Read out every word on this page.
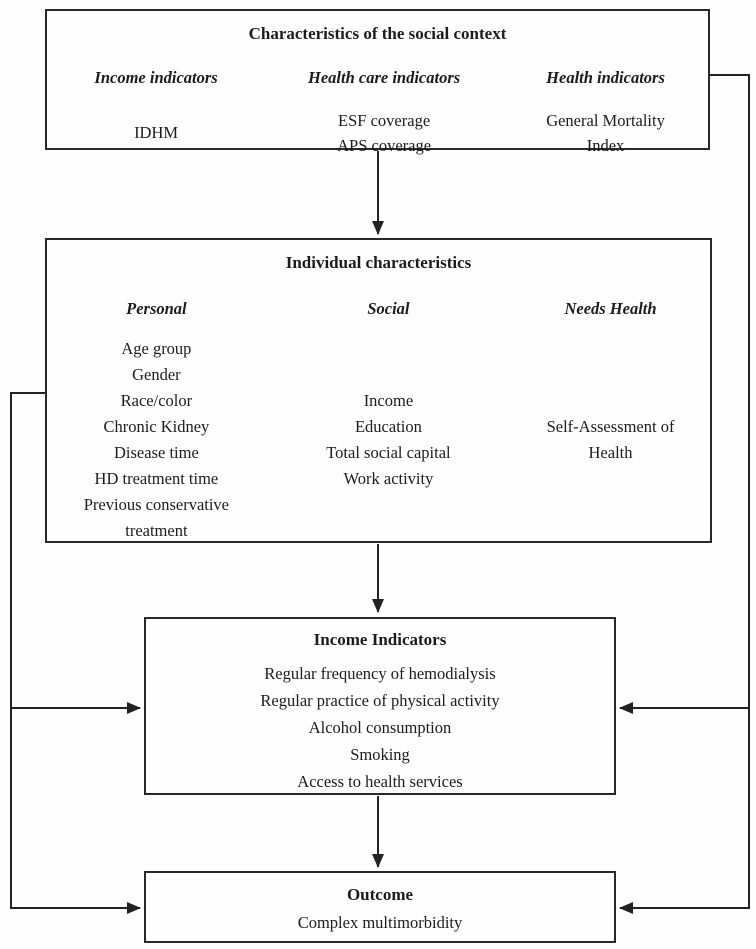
Characteristics of the social context
Income indicators
IDHM
Health care indicators
ESF coverage
APS coverage
Health indicators
General Mortality Index
Individual characteristics
Personal
Age group
Gender
Race/color
Chronic Kidney
Disease time
HD treatment time
Previous conservative treatment
Social
Income
Education
Total social capital
Work activity
Needs Health
Self-Assessment of Health
Income Indicators
Regular frequency of hemodialysis
Regular practice of physical activity
Alcohol consumption
Smoking
Access to health services
Outcome
Complex multimorbidity
